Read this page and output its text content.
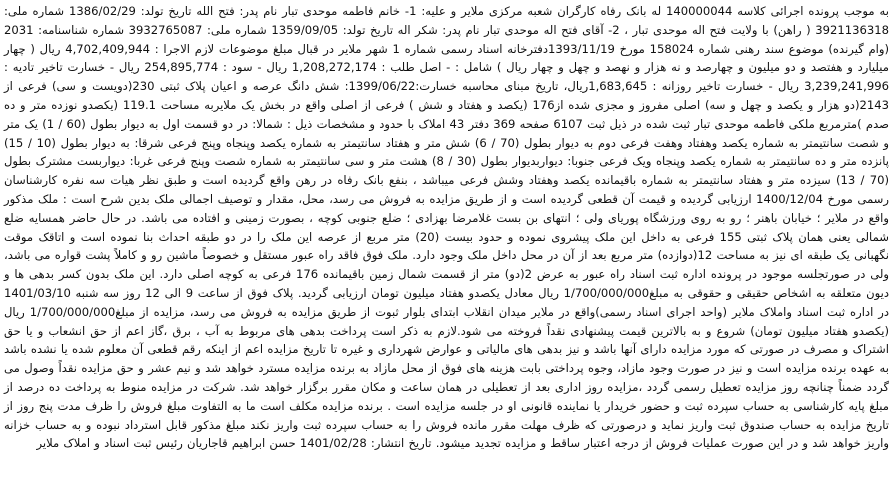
به موجب پرونده اجرائی کلاسه 140000044 له بانک رفاه کارگران شعبه مرکزی ملایر و علیه: 1- خانم فاطمه موحدی تبار نام پدر: فتح الله تاریخ تولد: 1386/02/29 شماره ملی: 3921136318 ( راهن) با ولایت فتح اله موحدی تبار ، 2- آقای فتح اله موحدی تبار نام پدر: شکر اله تاریخ تولد: 1359/09/05 شماره ملی: 3932765087 شماره شناسنامه: 2031 (وام گیرنده) موضوع سند رهنی شماره 158024 مورخ 1393/11/19دفترخانه اسناد رسمی شماره 1 شهر ملایر در قبال مبلغ موضوعات لازم الاجرا : 4,702,409,944 ریال ( چهار میلیارد و هفتصد و دو میلیون و چهارصد و نه هزار و نهصد و چهل و چهار ریال ) شامل : - اصل طلب : 1,208,272,174 ریال - سود : 254,895,774 ریال - خسارت تاخیر تادیه : 3,239,241,996 ریال - خسارت تاخیر روزانه : 1,683,645ریال، تاریخ مبنای محاسبه خسارت:1399/06/22: شش دانگ عرصه و اعیان پلاک ثبتی 230(دویست و سی) فرعی از 2143(دو هزار و یکصد و چهل و سه) اصلی مفروز و مجزی شده از176 (یکصد و هفتاد و شش ) فرعی از اصلی واقع در بخش یک ملایربه مساحت 119.1 (یکصدو نوزده متر و ده صدم )مترمربع ملکی فاطمه موحدی تبار ثبت شده در ذیل ثبت 6107 صفحه 369 دفتر 43 املاک با حدود و مشخصات ذیل : شمالا: در دو قسمت اول به دیوار بطول (60 / 1) یک متر و شصت سانتیمتر به شماره یکصد وهفتاد وهفت فرعی دوم به دیوار بطول (70 / 6) شش متر و هفتاد سانتیمتر به شماره یکصد وپنجاه وپنج فرعی شرقا: به دیوار بطول (10 / 15) پانزده متر و ده سانتیمتر به شماره یکصد وپنجاه ویک فرعی جنوبا: دیواربدیوار بطول (30 / 8) هشت متر و سی سانتیمتر به شماره شصت وپنج فرعی غربا: دیواربست مشترک بطول (70 / 13) سیزده متر و هفتاد سانتیمتر به شماره باقیمانده یکصد وهفتاد وشش فرعی میباشد ، بنفع بانک رفاه در رهن واقع گردیده است و طبق نظر هیات سه نفره کارشناسان رسمی مورخ 1400/12/04 ارزیابی گردیده و قیمت آن قطعی گردیده است و از طریق مزایده به فروش می رسد، محل، مقدار و توصیف اجمالی ملک بدین شرح است : ملک مذکور واقع در ملایر ؛ خیابان باهنر ؛ رو به روی ورزشگاه پوریای ولی ؛ انتهای بن بست غلامرضا بهزادی ؛ ضلع جنوبی کوچه ، بصورت زمینی و افتاده می باشد. در حال حاضر همسایه ضلع شمالی یعنی همان پلاک ثبتی 155 فرعی به داخل این ملک پیشروی نموده و حدود بیست (20) متر مربع از عرصه این ملک را در دو طبقه احداث بنا نموده است و اتاقک موقت نگهبانی یک طبقه ای نیز به مساحت 12(دوازده) متر مربع بعد از آن در محل داخل ملک وجود دارد. ملک فوق فاقد راه عبور مستقل و خصوصاً ماشین رو و کاملاً پشت قواره می باشد، ولی در صورتجلسه موجود در پرونده اداره ثبت اسناد راه عبور به عرض 2(دو) متر از قسمت شمال زمین باقیمانده 176 فرعی به کوچه اصلی دارد. این ملک بدون کسر بدهی ها و دیون متعلقه به اشخاص حقیقی و حقوقی به مبلغ1/700/000/000 ریال معادل یکصدو هفتاد میلیون تومان ارزیابی گردید. پلاک فوق از ساعت 9 الی 12 روز سه شنبه 1401/03/10 در اداره ثبت اسناد واملاک ملایر (واحد اجرای اسناد رسمی)واقع در ملایر میدان انقلاب ابتدای بلوار ثبوت از طریق مزایده به فروش می رسد، مزایده از مبلغ1/700/000/000 ریال (یکصدو هفتاد میلیون تومان) شروع و به بالاترین قیمت پیشنهادی نقداً فروخته می شود.لازم به ذکر است پرداخت بدهی های مربوط به آب ، برق ،گاز اعم از حق انشعاب و یا حق اشتراک و مصرف در صورتی که مورد مزایده دارای آنها باشد و نیز بدهی های مالیاتی و عوارض شهرداری و غیره تا تاریخ مزایده اعم از اینکه رقم قطعی آن معلوم شده یا نشده باشد به عهده برنده مزایده است و نیز در صورت وجود مازاد، وجوه پرداختی بابت هزینه های فوق از محل مازاد به برنده مزایده مسترد خواهد شد و نیم عشر و حق مزایده نقداً وصول می گردد ضمناً چنانچه روز مزایده تعطیل رسمی گردد ،مزایده روز اداری بعد از تعطیلی در همان ساعت و مکان مقرر برگزار خواهد شد. شرکت در مزایده منوط به پرداخت ده درصد از مبلغ پایه کارشناسی به حساب سپرده ثبت و حضور خریدار یا نماینده قانونی او در جلسه مزایده است . برنده مزایده مکلف است ما به التفاوت مبلغ فروش را ظرف مدت پنج روز از تاریخ مزایده به حساب صندوق ثبت واریز نماید و درصورتی که ظرف مهلت مقرر مانده فروش را به حساب سپرده ثبت واریز نکند مبلغ مذکور قابل استرداد نبوده و به حساب خزانه واریز خواهد شد و در این صورت عملیات فروش از درجه اعتبار ساقط و مزایده تجدید میشود. تاریخ انتشار: 1401/02/28 حسن ابراهیم قاجاریان رئیس ثبت اسناد و املاک ملایر
